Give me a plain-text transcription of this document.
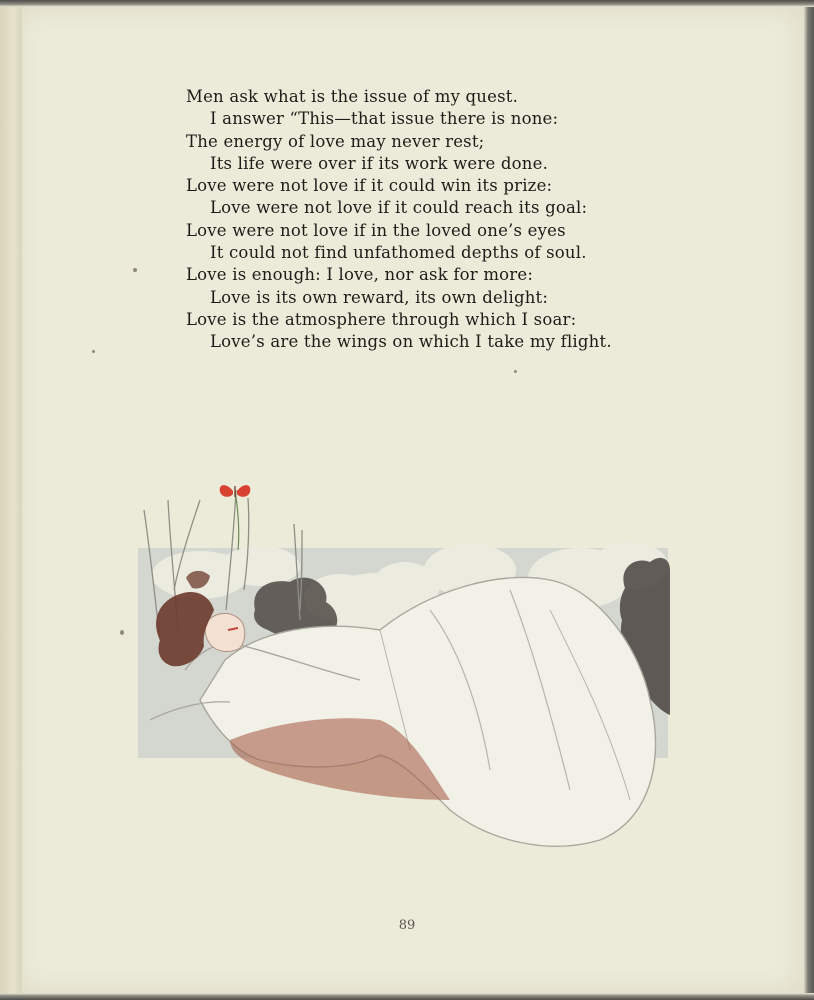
Men ask what is the issue of my quest.
I answer “This—that issue there is none:
The energy of love may never rest;
Its life were over if its work were done.
Love were not love if it could win its prize:
Love were not love if it could reach its goal:
Love were not love if in the loved one’s eyes
It could not find unfathomed depths of soul.
Love is enough: I love, nor ask for more:
Love is its own reward, its own delight:
Love is the atmosphere through which I soar:
Love’s are the wings on which I take my flight.
89
